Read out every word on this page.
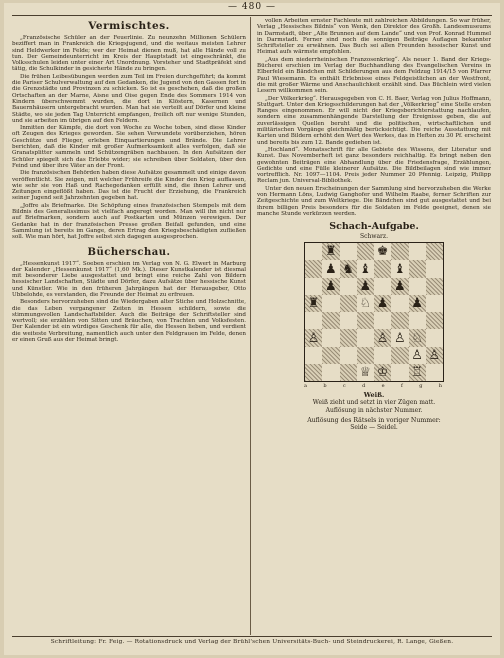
— 480 —
Vermischtes.

„Französische Schüler an der Feuerlinie. Zu neunzehn Millionen Schülern beziffert man in Frankreich die Kriegsjugend, und die weitaus meisten Lehrer sind Heldwerker im Felde; wer der Heimat dienen muß, hat alle Hände voll zu tun. Der Gemeindeunterricht im Kreis der Hauptstadt ist eingeschränkt, die Volksschulen leiden unter einer Art Unordnung. Vorsteher und Stadtpräfekt sind tätig, die Schulkinder in gesicherte Hände zu bringen.

Die frühen Leibesübungen werden zum Teil im Freien durchgeführt; da kommt die Pariser Schulverwaltung auf den Gedanken, die Jugend von den Gassen fort in die Grenzstädte und Provinzen zu schicken. So ist es geschehen, daß die großen Ortschaften an der Marne, Aisne und Oise gegen Ende des Sommers 1914 von Kindern überschwemmt wurden, die dort in Klöstern, Kasernen und Bauernhäusern untergebracht wurden. Man hat sie verteilt auf Dörfer und kleine Städte, wo sie jeden Tag Unterricht empfangen, freilich oft nur wenige Stunden, und sie arbeiten im übrigen auf den Feldern.

Inmitten der Kämpfe, die dort von Woche zu Woche toben, sind diese Kinder oft Zeugen des Krieges geworden. Sie sehen Verwundete vorüberziehen, hören Geschütze und Flieger, erleben Einquartierungen und Brände. Die Lehrer berichten, daß die Kinder mit großer Aufmerksamkeit alles verfolgen, daß sie Granatsplitter sammeln und Schützengräben nachbauen. In den Aufsätzen der Schüler spiegelt sich das Erlebte wider; sie schreiben über Soldaten, über den Feind und über ihre Väter an der Front.

Die französischen Behörden haben diese Aufsätze gesammelt und einige davon veröffentlicht. Sie zeigen, mit welcher Frühreife die Kinder den Krieg auffassen, wie sehr sie von Haß und Rachegedanken erfüllt sind, die ihnen Lehrer und Zeitungen eingeflößt haben. Das ist die Frucht der Erziehung, die Frankreich seiner Jugend seit Jahrzehnten gegeben hat.

„Joffre als Briefmarke. Die Schöpfung eines französischen Stempels mit dem Bildnis des Generalissimus ist vielfach angeregt worden. Man will ihn nicht nur auf Briefmarken, sondern auch auf Postkarten und Münzen verewigen. Der Gedanke hat in der französischen Presse großen Beifall gefunden, und eine Sammlung ist bereits im Gange, deren Ertrag den Kriegsbeschädigten zufließen soll. Wie man hört, hat Joffre selbst sich dagegen ausgesprochen.

Bücherschau.

„Hessenkunst 1917“. Soeben erschien im Verlag von N. G. Elwert in Marburg der Kalender „Hessenkunst 1917“ (1,60 Mk.). Dieser Kunstkalender ist diesmal mit besonderer Liebe ausgestattet und bringt eine reiche Zahl von Bildern hessischer Landschaften, Städte und Dörfer, dazu Aufsätze über hessische Kunst und Künstler. Wie in den früheren Jahrgängen hat der Herausgeber, Otto Ubbelohde, es verstanden, die Freunde der Heimat zu erfreuen.

Besonders hervorzuheben sind die Wiedergaben alter Stiche und Holzschnitte, die das Leben vergangener Zeiten in Hessen schildern, sowie die stimmungsvollen Landschaftsbilder. Auch die Beiträge der Schriftsteller sind wertvoll; sie erzählen von Sitten und Bräuchen, von Trachten und Volksfesten. Der Kalender ist ein würdiges Geschenk für alle, die Hessen lieben, und verdient die weiteste Verbreitung, namentlich auch unter den Feldgrauen im Felde, denen er einen Gruß aus der Heimat bringt.

vollen Arbeiten ernster Fachleute mit zahlreichen Abbildungen. So war früher, Verlag „Hessisches Bildnis“ von Wenk, den Direktor des Großh. Landesmuseums in Darmstadt, über „Alte Brunnen auf dem Lande“ und von Prof. Konrad Hummel in Darmstadt. Ferner sind noch die sonnigen Beiträge Auflagen bekannter Schriftsteller zu erwähnen. Das Buch sei allen Freunden hessischer Kunst und Heimat aufs wärmste empfohlen.

„Aus dem niederrheinischen Franzosenkrieg“. Als neuer 1. Band der Kriegs-Bücherei erschien im Verlag der Buchhandlung des Evangelischen Vereins in Elberfeld ein Bändchen mit Schilderungen aus dem Feldzug 1914/15 von Pfarrer Paul Wiesemann. Es enthält Erlebnisse eines Feldgeistlichen an der Westfront, die mit großer Wärme und Anschaulichkeit erzählt sind. Das Büchlein wird vielen Lesern willkommen sein.

„Der Völkerkrieg“. Herausgegeben von C. H. Baer, Verlag von Julius Hoffmann, Stuttgart. Unter den Kriegsschilderungen hat der „Völkerkrieg“ eine Stelle ersten Ranges eingenommen. Er will nicht der Kriegsberichterstattung nachlaufen, sondern eine zusammenhängende Darstellung der Ereignisse geben, die auf zuverlässigen Quellen beruht und die politischen, wirtschaftlichen und militärischen Vorgänge gleichmäßig berücksichtigt. Die reiche Ausstattung mit Karten und Bildern erhöht den Wert des Werkes, das in Heften zu 30 Pf. erscheint und bereits bis zum 12. Bande gediehen ist.

„Hochland“. Monatsschrift für alle Gebiete des Wissens, der Literatur und Kunst. Das Novemberheft ist ganz besonders reichhaltig. Es bringt neben den gewohnten Beiträgen eine Abhandlung über die Friedensfrage, Erzählungen, Gedichte und eine Fülle kleinerer Aufsätze. Die Bildbeilagen sind wie immer vortrefflich. Nr. 1097—1104. Preis jeder Nummer 20 Pfennig. Leipzig, Philipp Reclam jun. Universal-Bibliothek.

Unter den neuen Erscheinungen der Sammlung sind hervorzuheben die Werke von Hermann Löns, Ludwig Ganghofer und Wilhelm Raabe, ferner Schriften zur Zeitgeschichte und zum Weltkriege. Die Bändchen sind gut ausgestattet und bei ihrem billigen Preis besonders für die Soldaten im Felde geeignet, denen sie manche Stunde verkürzen werden.

Schach-Aufgabe.
Schwarz.
♜	♚
♟ ♞ ♝ ♝
♟ ♟ ♟
♜	♘ ♟ ♟
♙	♙ ♙ ♘
♙ ♙
♕ ♔ ♖
a	b	c	d	e	f	g	h
Weiß.
Weiß zieht und setzt in vier Zügen matt.
Auflösung in nächster Nummer.
Auflösung des Rätsels in voriger Nummer:
Seide — Seidel.
Schriftleitung: Fr. Feig. — Rotationsdruck und Verlag der Brühl'schen Universitäts-Buch- und Steindruckerei, R. Lange, Gießen.
